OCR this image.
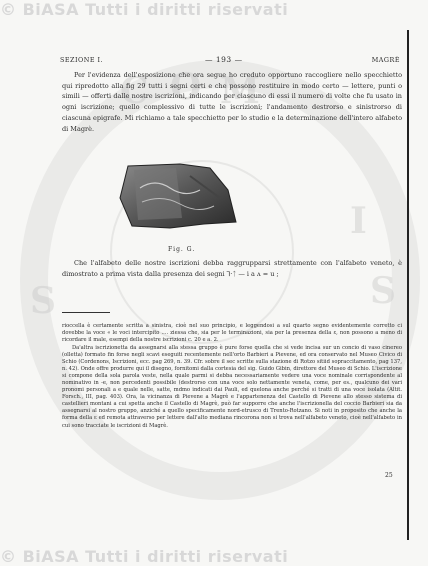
C O M
S
S
I
© BiASA Tutti i diritti riservati
© BiASA Tutti i diritti riservati
SEZIONE I.	— 193 —	MAGRÈ
Per l'evidenza dell'esposizione che ora segue ho creduto opportuno raccogliere nello specchietto qui ripredotto alla fig 29 tutti i segni certi e che possono restituire in modo certo — lettere, punti o simili — offerti dalle nostre iscrizioni, indicando per ciascuno di essi il numero di volte che fu usato in ogni iscrizione; quello complessivo di tutte le iscrizioni; l'andamento destrorso e sinistrorso di ciascuna epigrafe. Mi richiamo a tale specchietto per lo studio e la determinazione dell'intero alfabeto di Magrè.
Fig. G.
Che l'alfabeto delle nostre iscrizioni debba raggrupparsi strettamente con l'alfabeto veneto, è dimostrato a prima vista dalla presenza dei segni ⅂·ᛏ — i a ʌ = u ;
rioccella è certamente scritta a sinistra, cioè nel suo principio, e leggendosi a sul quarto segno evidentemente corretto ci dovebbe la voce « le voci intercipito .... ziessa che, sia per le terminazioni, sia per la presenza della ε, non possono a meno di ricordare il male, esempi della nostre iscrizioni c. 20 e a. 2.
Da'altra iscrizionetta da assegnarsi alla stessa gruppo è pure forse quella che si vede incisa sur un concio di vaso cinereo (olletta) formato fin forse negli scavi eseguiti recentemente nell'orto Barbieri a Pievene, ed ora conservato nel Museo Civico di Schio (Cordenons, Iscrizioni, ecc. pag 269, n. 39. Cfr. sobre il sec scritte sulla stazione di Rotzo sitiid sopraccitamento, pag 137, n. 42). Onde offre produrre qui il disegno, fornitomi dalla cortesia del sig. Guido Gibin, direttore del Museo di Schio. L'iscrizione si compone della sola parola veste, nella quale parmi si debba necessariamente vedere una voce nominale corrispondente al nominativo in -e, non percedenti possibile (destrorso con una voce solo nettamente veneta, come, per es., qualcuno dei vari pronomi personali a e quale nelle, satte, mdmo indicati dai Pauli, ed quelona anche perché si tratti di una voce isolata (Altit. Forsch., III, pag. 403). Ora, la vicinanza di Pievene a Magrè e l'appartenenza del Castello di Pievene allo stesso sistema di castellieri montani a cui spetta anche il Castello di Magrè, può far supporre che anche l'iscrizionella del coccio Barbieri sia da assegnarsi al nostro gruppo, anziché a quello specificamente nord-etrusco di Trento-Rotzano. Si noti in proposito che anche la forma della ε ed remota attraverso per lettere dall'alto mediana rincorona non si trova nell'alfabeto veneto, cioè nell'alfabeto in cui sono tracciate le iscrizioni di Magrè.
25
